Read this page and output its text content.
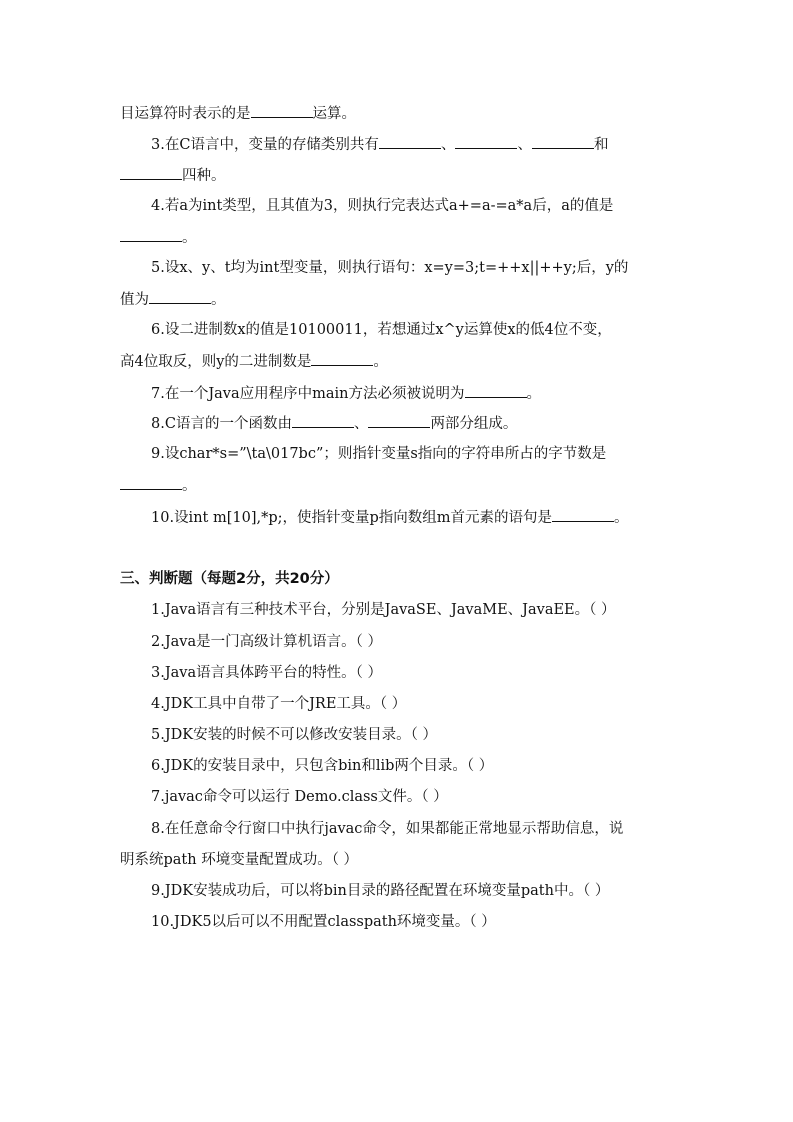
目运算符时表示的是	运算。
3.在C语言中，变量的存储类别共有	、	、	和
四种。
4.若a为int类型，且其值为3，则执行完表达式a+=a-=a*a后，a的值是
。
5.设x、y、t均为int型变量，则执行语句：x=y=3;t=++x||++y;后，y的
值为	。
6.设二进制数x的值是10100011，若想通过x^y运算使x的低4位不变，
高4位取反，则y的二进制数是	。
7.在一个Java应用程序中main方法必须被说明为	。
8.C语言的一个函数由	、	两部分组成。
9.设char*s=”\ta\017bc”；则指针变量s指向的字符串所占的字节数是
。
10.设int m[10],*p;，使指针变量p指向数组m首元素的语句是	。
三、判断题（每题2分，共20分）
1.Java语言有三种技术平台，分别是JavaSE、JavaME、JavaEE。（ ）
2.Java是一门高级计算机语言。（ ）
3.Java语言具体跨平台的特性。（ ）
4.JDK工具中自带了一个JRE工具。（ ）
5.JDK安装的时候不可以修改安装目录。（ ）
6.JDK的安装目录中，只包含bin和lib两个目录。（ ）
7.javac命令可以运行 Demo.class文件。（ ）
8.在任意命令行窗口中执行javac命令，如果都能正常地显示帮助信息，说
明系统path 环境变量配置成功。（ ）
9.JDK安装成功后，可以将bin目录的路径配置在环境变量path中。（ ）
10.JDK5以后可以不用配置classpath环境变量。（ ）
